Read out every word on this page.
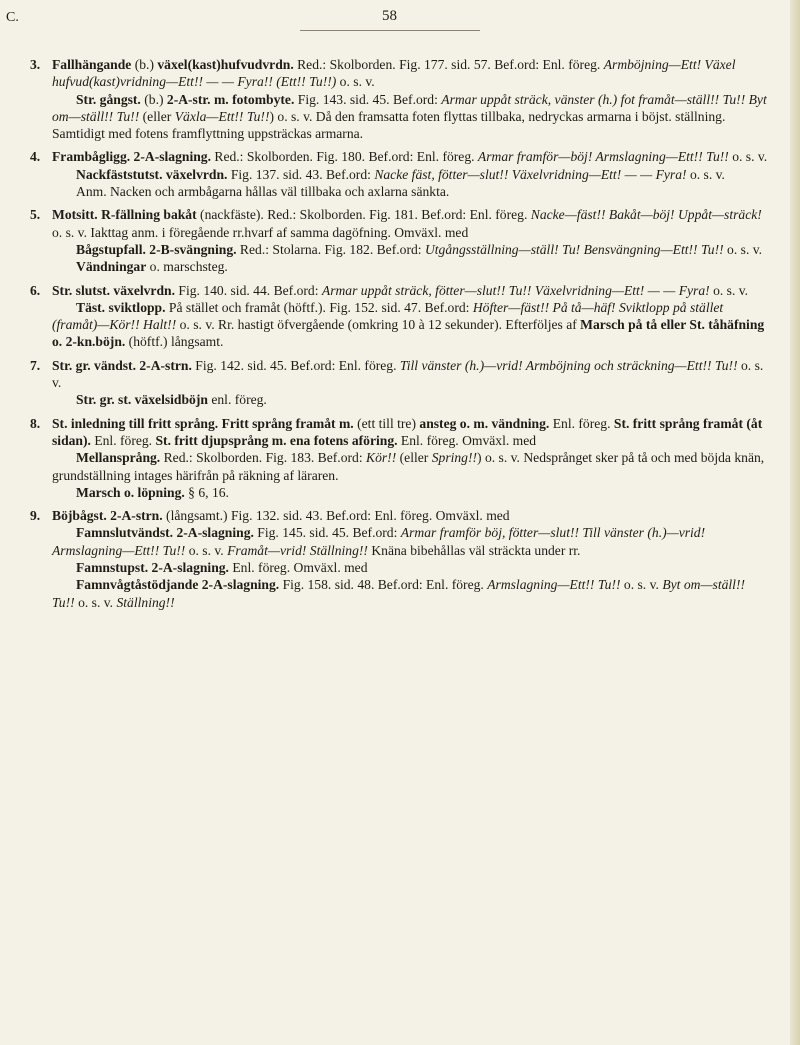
C.	58
3. Fallhängande (b.) växel(kast)hufvudvrdn. Red.: Skolborden. Fig. 177. sid. 57. Bef.ord: Enl. föreg. Armböjning—Ett! Växel hufvud(kast)vridning—Ett!! — — Fyra!! (Ett!! Tu!!) o. s. v.
Str. gångst. (b.) 2-A-str. m. fotombyte. Fig. 143. sid. 45. Bef.ord: Armar uppåt sträck, vänster (h.) fot framåt—ställ!! Tu!! Byt om—ställ!! Tu!! (eller Växla—Ett!! Tu!!) o. s. v. Då den framsatta foten flyttas tillbaka, nedryckas armarna i böjst. ställning. Samtidigt med fotens framflyttning uppsträckas armarna.
4. Frambågligg. 2-A-slagning. Red.: Skolborden. Fig. 180. Bef.ord: Enl. föreg. Armar framför—böj! Armslagning—Ett!! Tu!! o. s. v.
Nackfäststutst. växelvrdn. Fig. 137. sid. 43. Bef.ord: Nacke fäst, fötter—slut!! Växelvridning—Ett! — — Fyra! o. s. v.
Anm. Nacken och armbågarna hållas väl tillbaka och axlarna sänkta.
5. Motsitt. R-fällning bakåt (nackfäste). Red.: Skolborden. Fig. 181. Bef.ord: Enl. föreg. Nacke—fäst!! Bakåt—böj! Uppåt—sträck! o. s. v. Iakttag anm. i föregående rr.hvarf af samma dagöfning. Omväxl. med
Bågstupfall. 2-B-svängning. Red.: Stolarna. Fig. 182. Bef.ord: Utgångsställning—ställ! Tu! Bensvängning—Ett!! Tu!! o. s. v.
Vändningar o. marschsteg.
6. Str. slutst. växelvrdn. Fig. 140. sid. 44. Bef.ord: Armar uppåt sträck, fötter—slut!! Tu!! Växelvridning—Ett! — — Fyra! o. s. v.
Täst. sviktlopp. På stället och framåt (höftf.). Fig. 152. sid. 47. Bef.ord: Höfter—fäst!! På tå—häf! Sviktlopp på stället (framåt)—Kör!! Halt!! o. s. v. Rr. hastigt öfvergående (omkring 10 à 12 sekunder). Efterföljes af Marsch på tå eller St. tåhäfning o. 2-kn.böjn. (höftf.) långsamt.
7. Str. gr. vändst. 2-A-strn. Fig. 142. sid. 45. Bef.ord: Enl. föreg. Till vänster (h.)—vrid! Armböjning och sträckning—Ett!! Tu!! o. s. v.
Str. gr. st. växelsidböjn enl. föreg.
8. St. inledning till fritt språng. Fritt språng framåt m. (ett till tre) ansteg o. m. vändning. Enl. föreg. St. fritt språng framåt (åt sidan). Enl. föreg. St. fritt djupsprång m. ena fotens aföring. Enl. föreg. Omväxl. med
Mellansprång. Red.: Skolborden. Fig. 183. Bef.ord: Kör!! (eller Spring!!) o. s. v. Nedsprånget sker på tå och med böjda knän, grundställning intages härifrån på räkning af läraren.
Marsch o. löpning. § 6, 16.
9. Böjbågst. 2-A-strn. (långsamt.) Fig. 132. sid. 43. Bef.ord: Enl. föreg. Omväxl. med
Famnslutvändst. 2-A-slagning. Fig. 145. sid. 45. Bef.ord: Armar framför böj, fötter—slut!! Till vänster (h.)—vrid! Armslagning—Ett!! Tu!! o. s. v. Framåt—vrid! Ställning!! Knäna bibehållas väl sträckta under rr.
Famnstupst. 2-A-slagning. Enl. föreg. Omväxl. med
Famnvågtåstödjande 2-A-slagning. Fig. 158. sid. 48. Bef.ord: Enl. föreg. Armslagning—Ett!! Tu!! o. s. v. Byt om—ställ!! Tu!! o. s. v. Ställning!!
